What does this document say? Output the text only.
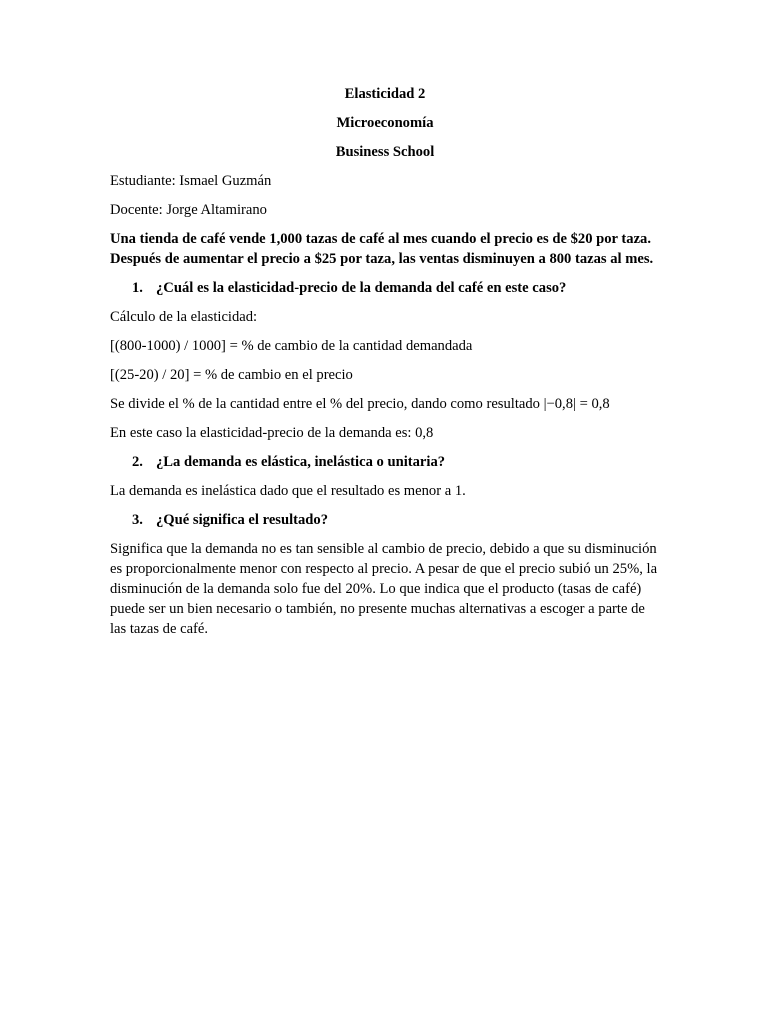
Elasticidad 2
Microeconomía
Business School
Estudiante: Ismael Guzmán
Docente: Jorge Altamirano
Una tienda de café vende 1,000 tazas de café al mes cuando el precio es de $20 por taza. Después de aumentar el precio a $25 por taza, las ventas disminuyen a 800 tazas al mes.
1. ¿Cuál es la elasticidad-precio de la demanda del café en este caso?
Cálculo de la elasticidad:
[(800-1000) / 1000] = % de cambio de la cantidad demandada
[(25-20) / 20] = % de cambio en el precio
Se divide el % de la cantidad entre el % del precio, dando como resultado |−0,8| = 0,8
En este caso la elasticidad-precio de la demanda es: 0,8
2. ¿La demanda es elástica, inelástica o unitaria?
La demanda es inelástica dado que el resultado es menor a 1.
3. ¿Qué significa el resultado?
Significa que la demanda no es tan sensible al cambio de precio, debido a que su disminución es proporcionalmente menor con respecto al precio. A pesar de que el precio subió un 25%, la disminución de la demanda solo fue del 20%. Lo que indica que el producto (tasas de café) puede ser un bien necesario o también, no presente muchas alternativas a escoger a parte de las tazas de café.
